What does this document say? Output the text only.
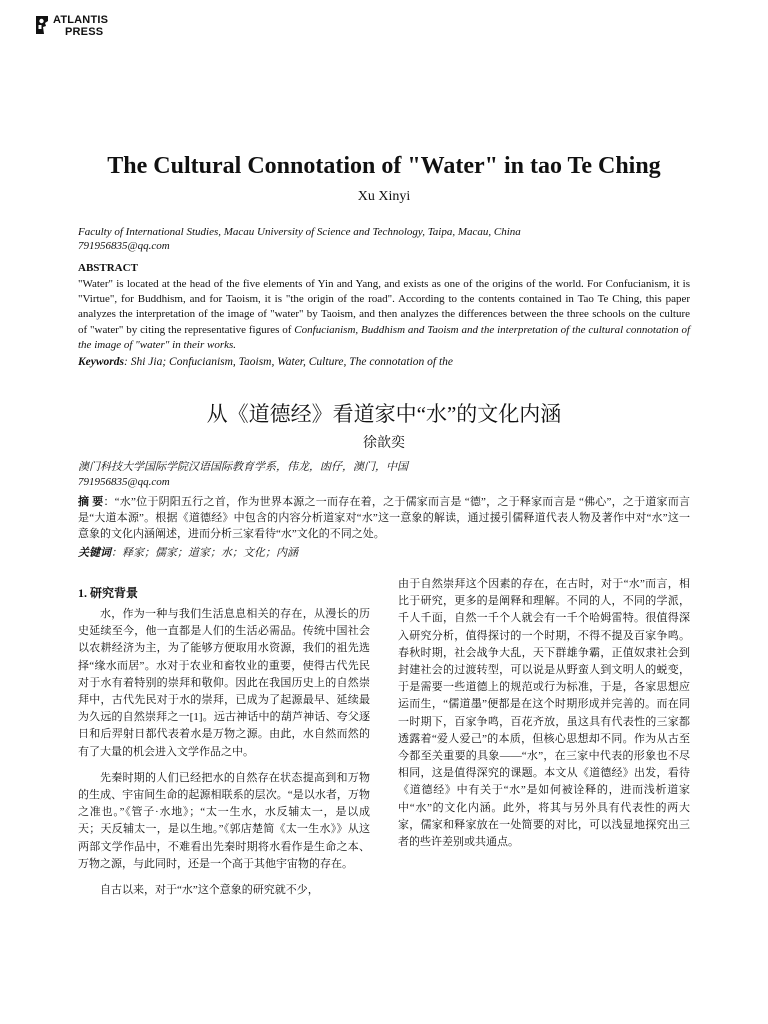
ATLANTIS
PRESS
The Cultural Connotation of "Water" in tao Te Ching
Xu Xinyi
Faculty of International Studies, Macau University of Science and Technology, Taipa, Macau, China
791956835@qq.com
ABSTRACT
"Water" is located at the head of the five elements of Yin and Yang, and exists as one of the origins of the world. For Confucianism, it is "Virtue", for Buddhism, and for Taoism, it is "the origin of the road". According to the contents contained in Tao Te Ching, this paper analyzes the interpretation of the image of "water" by Taoism, and then analyzes the differences between the three schools on the culture of "water" by citing the representative figures of Confucianism, Buddhism and Taoism and the interpretation of the cultural connotation of the image of "water" in their works.
Keywords: Shi Jia; Confucianism, Taoism, Water, Culture, The connotation of the
从《道德经》看道家中“水”的文化内涵
徐歆奕
澳门科技大学国际学院汉语国际教育学系，伟龙，凼仔，澳门，中国
791956835@qq.com
摘 要：“水”位于阴阳五行之首，作为世界本源之一而存在着，之于儒家而言是 “德”，之于释家而言是 “佛心”，之于道家而言是“大道本源”。根据《道德经》中包含的内容分析道家对“水”这一意象的解读，通过援引儒释道代表人物及著作中对“水”这一意象的文化内涵阐述，进而分析三家看待“水”文化的不同之处。
关键词：释家；儒家；道家；水；文化；内涵
1. 研究背景

水，作为一种与我们生活息息相关的存在，从漫长的历史延续至今，他一直都是人们的生活必需品。传统中国社会以农耕经济为主，为了能够方便取用水资源，我们的祖先选择“缘水而居”。水对于农业和畜牧业的重要，使得古代先民对于水有着特别的崇拜和敬仰。因此在我国历史上的自然崇拜中，古代先民对于水的崇拜，已成为了起源最早、延续最为久远的自然崇拜之一[1]。远古神话中的葫芦神话、夸父逐日和后羿射日都代表着水是万物之源。由此，水自然而然的有了大量的机会进入文学作品之中。

先秦时期的人们已经把水的自然存在状态提高到和万物的生成、宇宙间生命的起源相联系的层次。“是以水者，万物之准也。”《管子·水地》；“太一生水，水反辅太一，是以成天；天反辅太一，是以生地。”《郭店楚简《太一生水》》从这两部文学作品中，不难看出先秦时期将水看作是生命之本、万物之源，与此同时，还是一个高于其他宇宙物的存在。

自古以来，对于“水”这个意象的研究就不少，

由于自然崇拜这个因素的存在，在古时，对于“水”而言，相比于研究，更多的是阐释和理解。不同的人，不同的学派，千人千面，自然一千个人就会有一千个哈姆雷特。很值得深入研究分析，值得探讨的一个时期，不得不提及百家争鸣。春秋时期，社会战争大乱，天下群雄争霸，正值奴隶社会到封建社会的过渡转型，可以说是从野蛮人到文明人的蜕变，于是需要一些道德上的规范或行为标准，于是，各家思想应运而生，“儒道墨”便都是在这个时期形成并完善的。而在同一时期下，百家争鸣，百花齐放，虽这具有代表性的三家都透露着“爱人爱己”的本质，但核心思想却不同。作为从古至今都至关重要的具象——“水”，在三家中代表的形象也不尽相同，这是值得深究的课题。本文从《道德经》出发，看待《道德经》中有关于“水”是如何被诠释的，进而浅析道家中“水”的文化内涵。此外，将其与另外具有代表性的两大家，儒家和释家放在一处简要的对比，可以浅显地探究出三者的些许差别或共通点。
